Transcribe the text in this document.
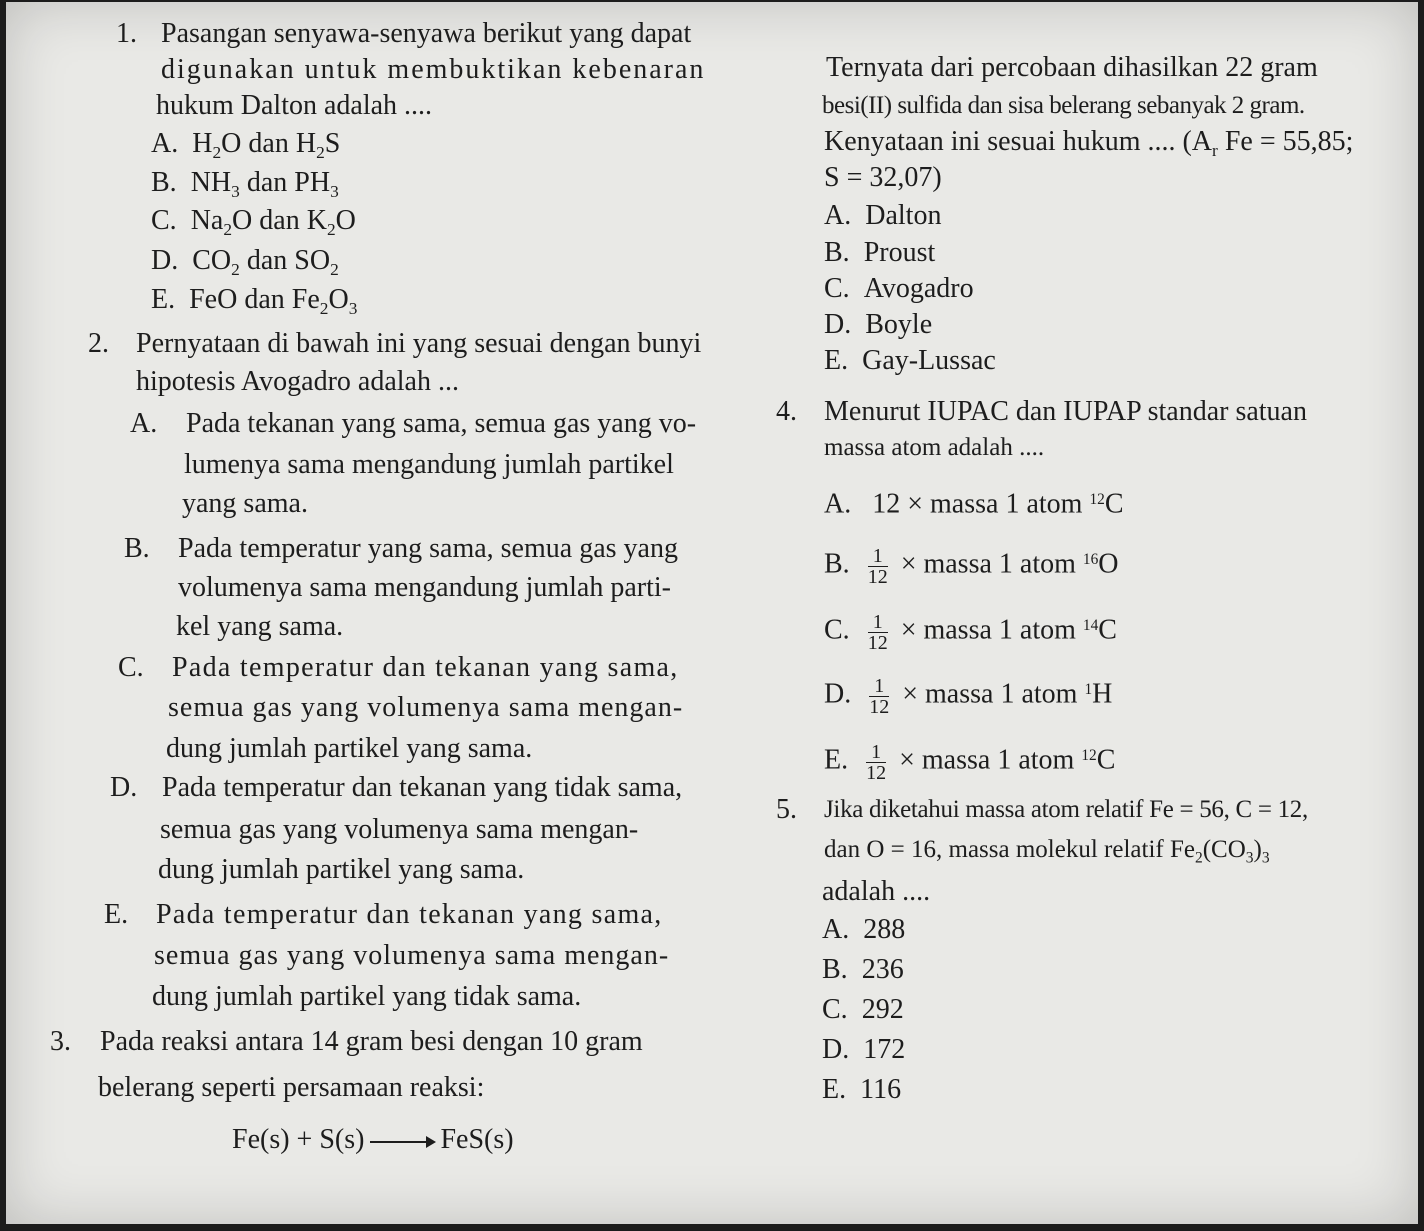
1. Pasangan senyawa-senyawa berikut yang dapat
digunakan untuk membuktikan kebenaran
hukum Dalton adalah ....
A. $H_2O$ dan $H_2S$
B. $NH_3$ dan $PH_3$
C. $Na_2O$ dan $K_2O$
D. $CO_2$ dan $SO_2$
E. FeO dan $Fe_2O_3$
2. Pernyataan di bawah ini yang sesuai dengan bunyi
hipotesis Avogadro adalah ...
A. Pada tekanan yang sama, semua gas yang vo-
lumenya sama mengandung jumlah partikel
yang sama.
B. Pada temperatur yang sama, semua gas yang
volumenya sama mengandung jumlah parti-
kel yang sama.
C. Pada temperatur dan tekanan yang sama,
semua gas yang volumenya sama mengan-
dung jumlah partikel yang sama.
D. Pada temperatur dan tekanan yang tidak sama,
semua gas yang volumenya sama mengan-
dung jumlah partikel yang sama.
E. Pada temperatur dan tekanan yang sama,
semua gas yang volumenya sama mengan-
dung jumlah partikel yang tidak sama.
3. Pada reaksi antara 14 gram besi dengan 10 gram
belerang seperti persamaan reaksi:
Fe(s) + S(s)	FeS(s)
Ternyata dari percobaan dihasilkan 22 gram
besi(II) sulfida dan sisa belerang sebanyak 2 gram.
Kenyataan ini sesuai hukum .... ($A_r$ Fe = 55,85;
S = 32,07)
A. Dalton
B. Proust
C. Avogadro
D. Boyle
E. Gay-Lussac
4. Menurut IUPAC dan IUPAP standar satuan
massa atom adalah ....
A. 12 × massa 1 atom $^{12}$C
B. $\frac{1}{12}$ × massa 1 atom $^{16}$O
C. $\frac{1}{12}$ × massa 1 atom $^{14}$C
D. $\frac{1}{12}$ × massa 1 atom $^1$H
E. $\frac{1}{12}$ × massa 1 atom $^{12}$C
5. Jika diketahui massa atom relatif Fe = 56, C = 12,
dan O = 16, massa molekul relatif $Fe_2(CO_3)_3$
adalah ....
A. 288
B. 236
C. 292
D. 172
E. 116
